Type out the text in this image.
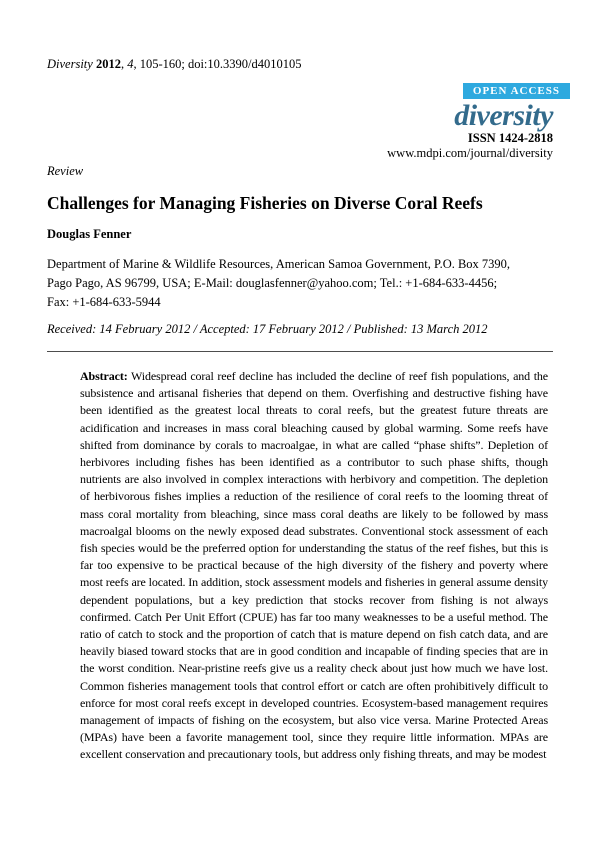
Diversity 2012, 4, 105-160; doi:10.3390/d4010105
OPEN ACCESS
diversity
ISSN 1424-2818
www.mdpi.com/journal/diversity
Review
Challenges for Managing Fisheries on Diverse Coral Reefs
Douglas Fenner
Department of Marine & Wildlife Resources, American Samoa Government, P.O. Box 7390,
Pago Pago, AS 96799, USA; E-Mail: douglasfenner@yahoo.com; Tel.: +1-684-633-4456;
Fax: +1-684-633-5944
Received: 14 February 2012 / Accepted: 17 February 2012 / Published: 13 March 2012

Abstract: Widespread coral reef decline has included the decline of reef fish populations, and the subsistence and artisanal fisheries that depend on them. Overfishing and destructive fishing have been identified as the greatest local threats to coral reefs, but the greatest future threats are acidification and increases in mass coral bleaching caused by global warming. Some reefs have shifted from dominance by corals to macroalgae, in what are called “phase shifts”. Depletion of herbivores including fishes has been identified as a contributor to such phase shifts, though nutrients are also involved in complex interactions with herbivory and competition. The depletion of herbivorous fishes implies a reduction of the resilience of coral reefs to the looming threat of mass coral mortality from bleaching, since mass coral deaths are likely to be followed by mass macroalgal blooms on the newly exposed dead substrates. Conventional stock assessment of each fish species would be the preferred option for understanding the status of the reef fishes, but this is far too expensive to be practical because of the high diversity of the fishery and poverty where most reefs are located. In addition, stock assessment models and fisheries in general assume density dependent populations, but a key prediction that stocks recover from fishing is not always confirmed. Catch Per Unit Effort (CPUE) has far too many weaknesses to be a useful method. The ratio of catch to stock and the proportion of catch that is mature depend on fish catch data, and are heavily biased toward stocks that are in good condition and incapable of finding species that are in the worst condition. Near-pristine reefs give us a reality check about just how much we have lost. Common fisheries management tools that control effort or catch are often prohibitively difficult to enforce for most coral reefs except in developed countries. Ecosystem-based management requires management of impacts of fishing on the ecosystem, but also vice versa. Marine Protected Areas (MPAs) have been a favorite management tool, since they require little information. MPAs are excellent conservation and precautionary tools, but address only fishing threats, and may be modest
